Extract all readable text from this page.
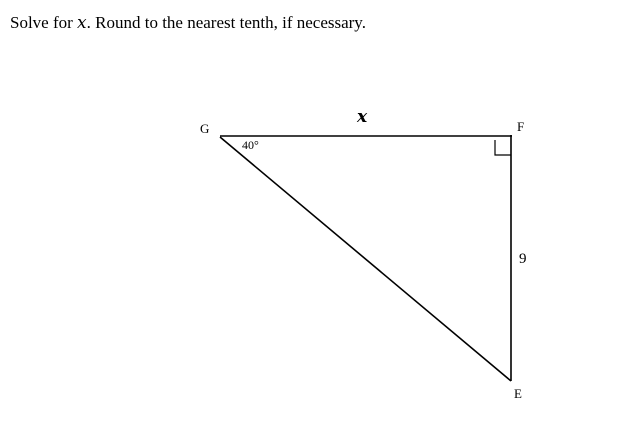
Solve for x. Round to the nearest tenth, if necessary.
G	F
E
40°
x
9
